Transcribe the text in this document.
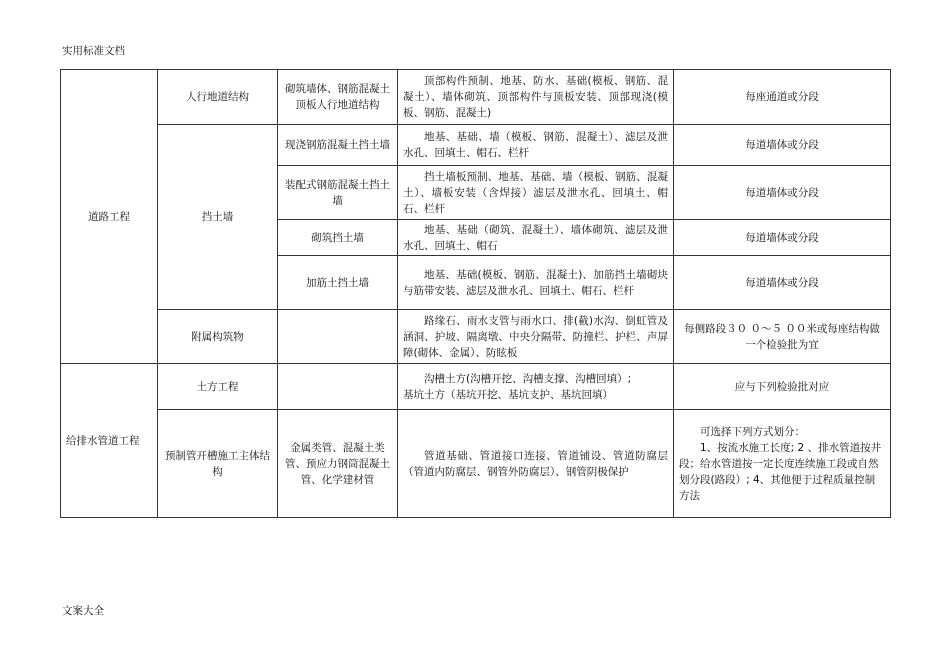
实用标准文档
道路工程	人行地道结构	砌筑墙体、钢筋混凝土顶板人行地道结构	顶部构件预制、地基、防水、基础(模板、钢筋、混凝土）、墙体砌筑、顶部构件与顶板安装、顶部现浇(模板、钢筋、混凝土)	每座通道或分段
	挡土墙	现浇钢筋混凝土挡土墙	地基、基础、墙（模板、钢筋、混凝土）、滤层及泄水孔、回填土、帽石、栏杆	每道墙体或分段
		装配式钢筋混凝土挡土墙	挡土墙板预制、地基、基础、墙（模板、钢筋、混凝土）、墙板安装（含焊接）滤层及泄水孔、回填土、帽石、栏杆	每道墙体或分段
		砌筑挡土墙	地基、基础（砌筑、混凝土）、墙体砌筑、滤层及泄水孔、回填土、帽石	每道墙体或分段
		加筋土挡土墙	地基、基础(模板、钢筋、混凝土)、加筋挡土墙砌块与筋带安装、滤层及泄水孔、回填土、帽石、栏杆	每道墙体或分段
	附属构筑物		路缘石、雨水支管与雨水口、排(截)水沟、倒虹管及涵洞、护坡、隔离墩、中央分隔带、防撞栏、护栏、声屏障(砌体、金属）、防眩板	每侧路段３０ ０～５ ００米或每座结构做一个检验批为宜
给排水管道工程	土方工程		沟槽土方(沟槽开挖、沟槽支撑、沟槽回填）;
基坑土方（基坑开挖、基坑支护、基坑回填）	应与下列检验批对应
	预制管开槽施工主体结构	金属类管、混凝土类管、预应力钢筒混凝土管、化学建材管	管道基础、管道接口连接、管道铺设、管道防腐层（管道内防腐层、钢管外防腐层）、钢管阴极保护	可选择下列方式划分：
1、按流水施工长度; 2 、排水管道按井段；给水管道按一定长度连续施工段或自然划分段(路段）; 4、其他便于过程质量控制方法
文案大全
